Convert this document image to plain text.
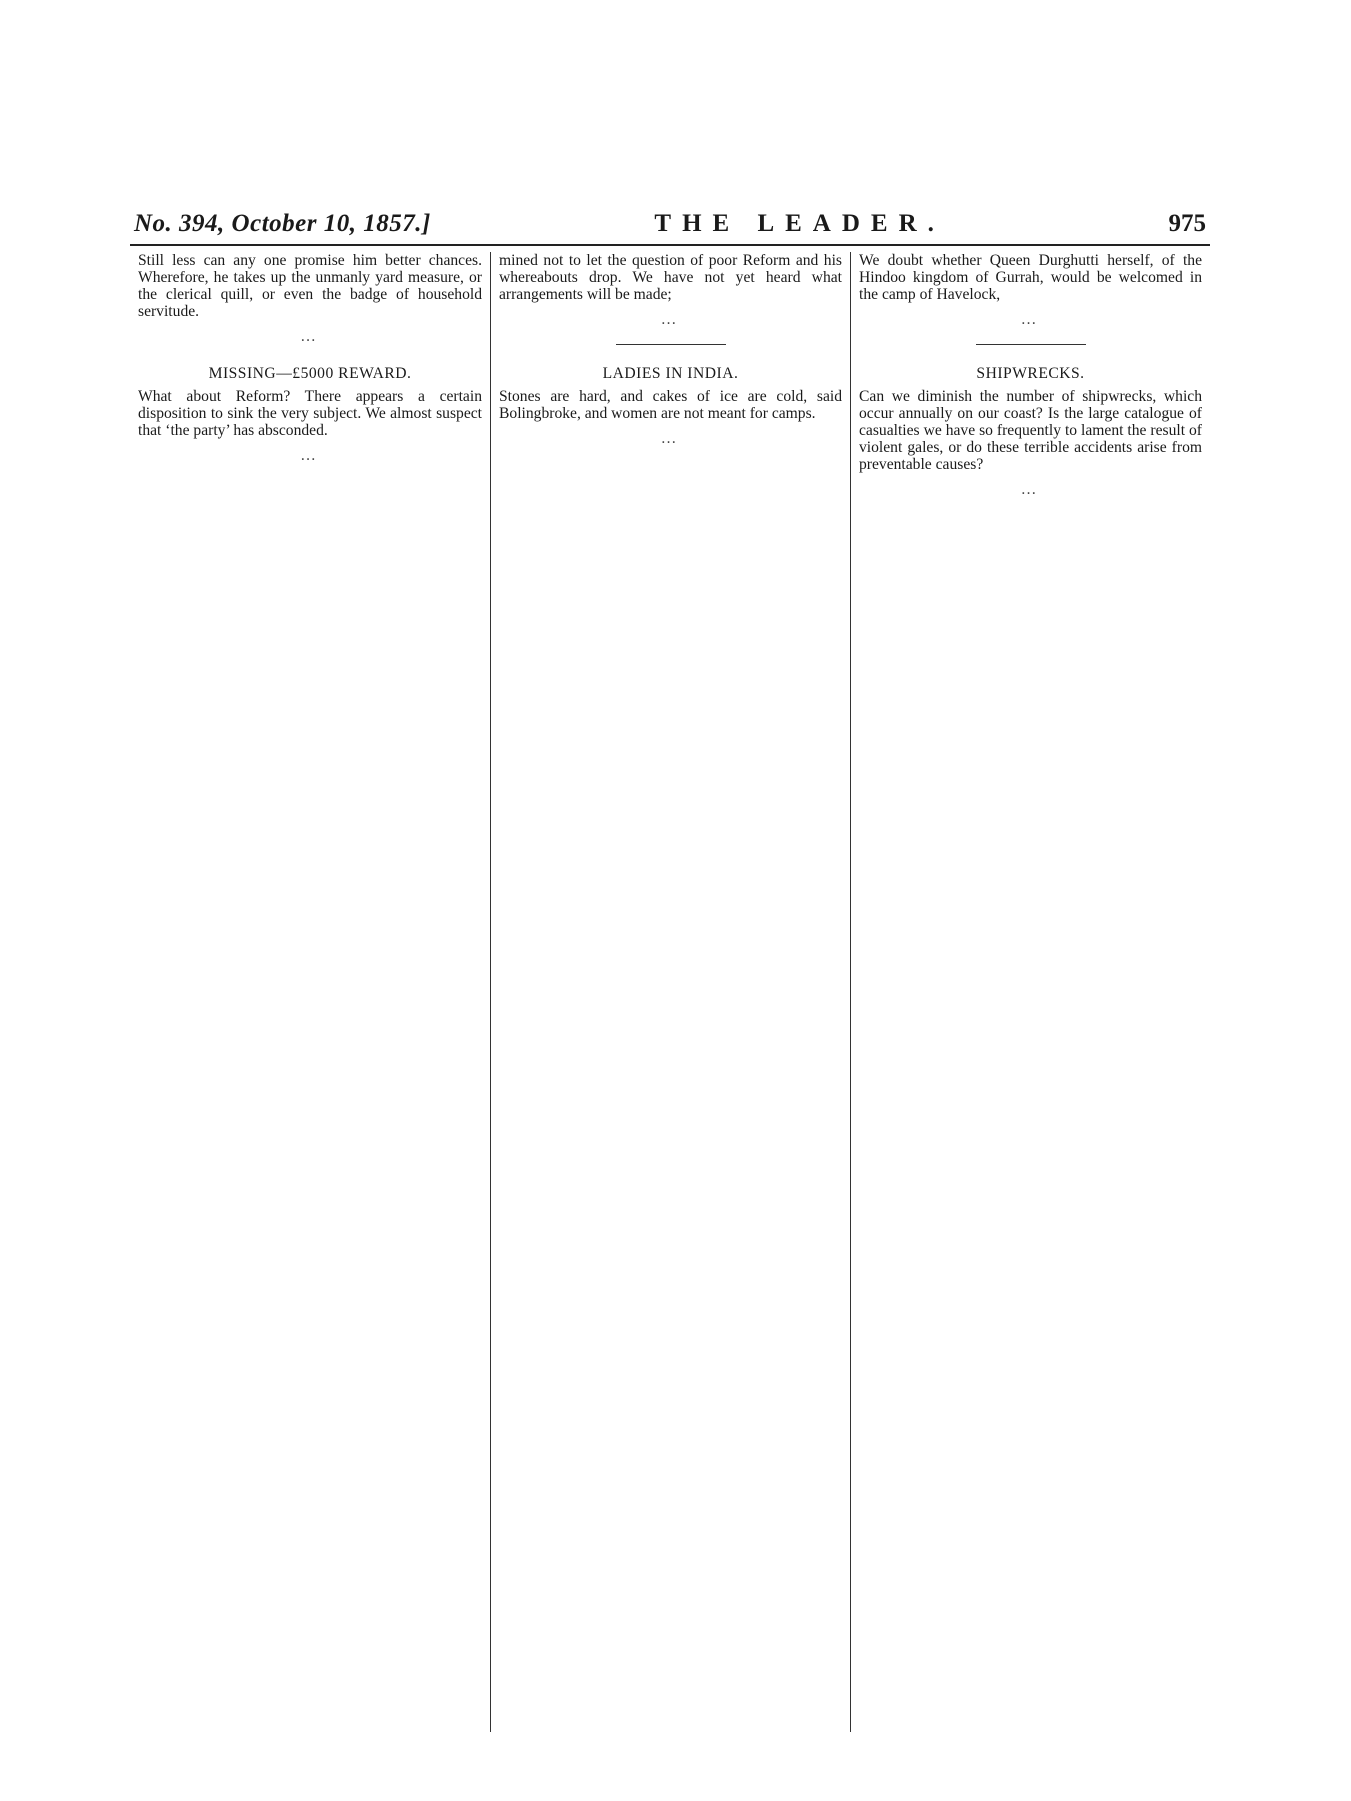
No. 394, October 10, 1857.]	THE LEADER.	975

Still less can any one promise him better chances. Wherefore, he takes up the unmanly yard measure, or the clerical quill, or even the badge of household servitude.

…

MISSING—£5000 REWARD.

What about Reform? There appears a certain disposition to sink the very subject. We almost suspect that ‘the party’ has absconded.

…

mined not to let the question of poor Reform and his whereabouts drop. We have not yet heard what arrangements will be made;

…

LADIES IN INDIA.

Stones are hard, and cakes of ice are cold, said Bolingbroke, and women are not meant for camps.

…

We doubt whether Queen Durghutti herself, of the Hindoo kingdom of Gurrah, would be welcomed in the camp of Havelock,

…

SHIPWRECKS.

Can we diminish the number of shipwrecks, which occur annually on our coast? Is the large catalogue of casualties we have so frequently to lament the result of violent gales, or do these terrible accidents arise from preventable causes?

…
